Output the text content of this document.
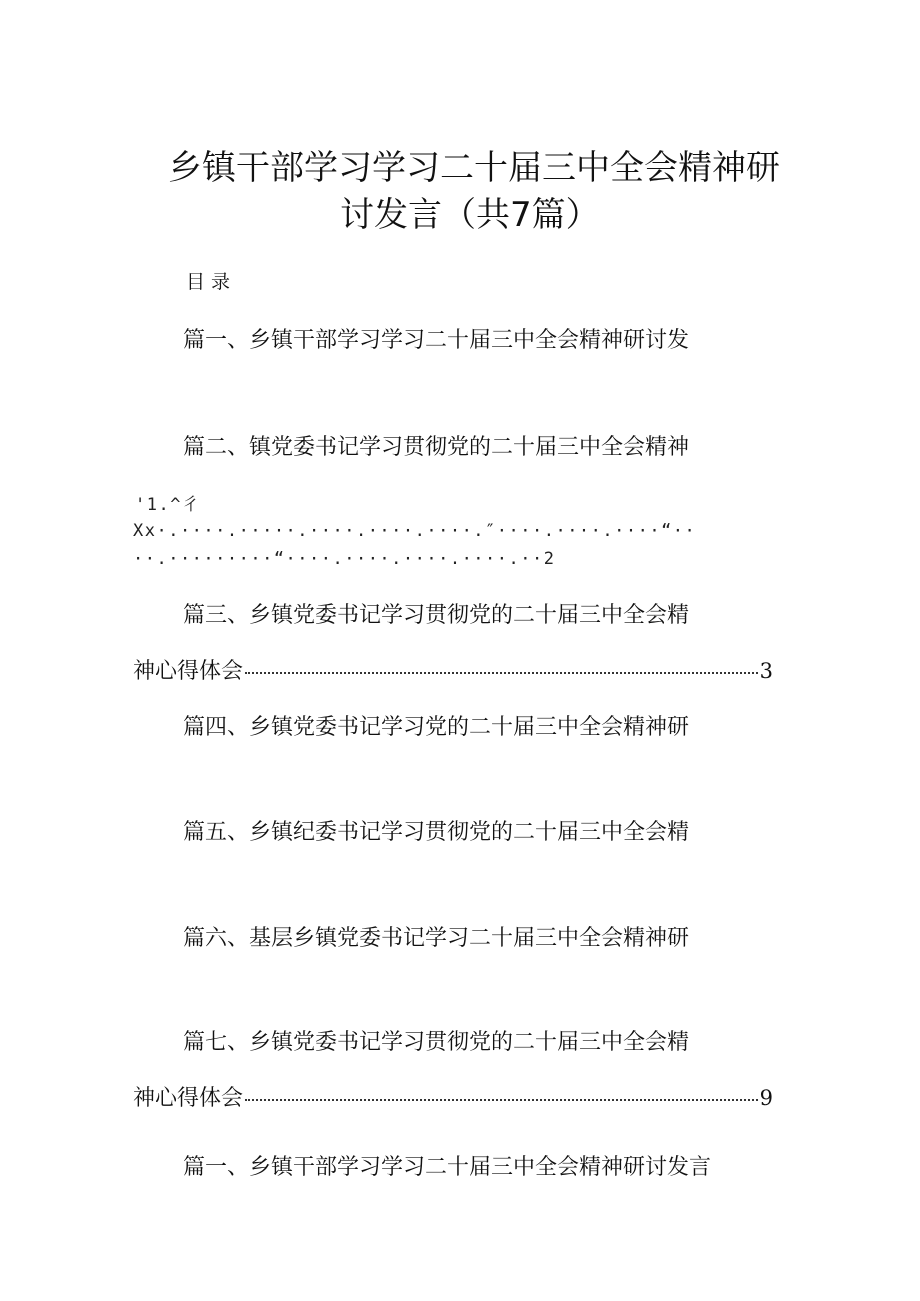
乡镇干部学习学习二十届三中全会精神研
讨发言（共7篇）
目录
篇一、乡镇干部学习学习二十届三中全会精神研讨发
篇二、镇党委书记学习贯彻党的二十届三中全会精神
'1.^彳
Xx·.····.·····.····.····.····.″····.····.····“··
··.·········“····.····.····.····.··2
篇三、乡镇党委书记学习贯彻党的二十届三中全会精
神心得体会	3
篇四、乡镇党委书记学习党的二十届三中全会精神研
篇五、乡镇纪委书记学习贯彻党的二十届三中全会精
篇六、基层乡镇党委书记学习二十届三中全会精神研
篇七、乡镇党委书记学习贯彻党的二十届三中全会精
神心得体会	9
篇一、乡镇干部学习学习二十届三中全会精神研讨发言
